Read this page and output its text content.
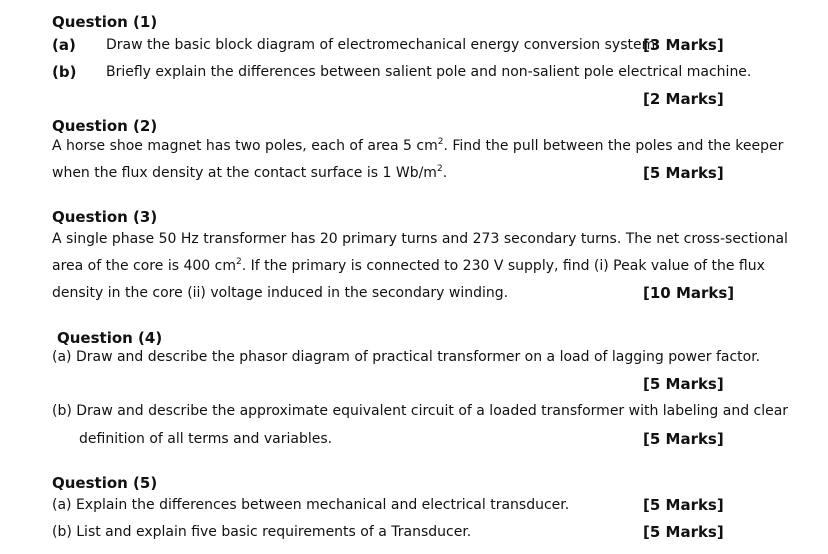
Question (1)
(a) Draw the basic block diagram of electromechanical energy conversion system.
[3 Marks]
(b) Briefly explain the differences between salient pole and non-salient pole electrical machine.
[2 Marks]
Question (2)
A horse shoe magnet has two poles, each of area 5 $cm^2$. Find the pull between the poles and the keeper
when the flux density at the contact surface is 1 $Wb/m^2$.	[5 Marks]
Question (3)
A single phase 50 Hz transformer has 20 primary turns and 273 secondary turns. The net cross-sectional
area of the core is 400 $cm^2$. If the primary is connected to 230 V supply, find (i) Peak value of the flux
density in the core (ii) voltage induced in the secondary winding.	[10 Marks]
Question (4)
(a) Draw and describe the phasor diagram of practical transformer on a load of lagging power factor.
[5 Marks]
(b) Draw and describe the approximate equivalent circuit of a loaded transformer with labeling and clear
definition of all terms and variables.	[5 Marks]
Question (5)
(a) Explain the differences between mechanical and electrical transducer.	[5 Marks]
(b) List and explain five basic requirements of a Transducer.	[5 Marks]
